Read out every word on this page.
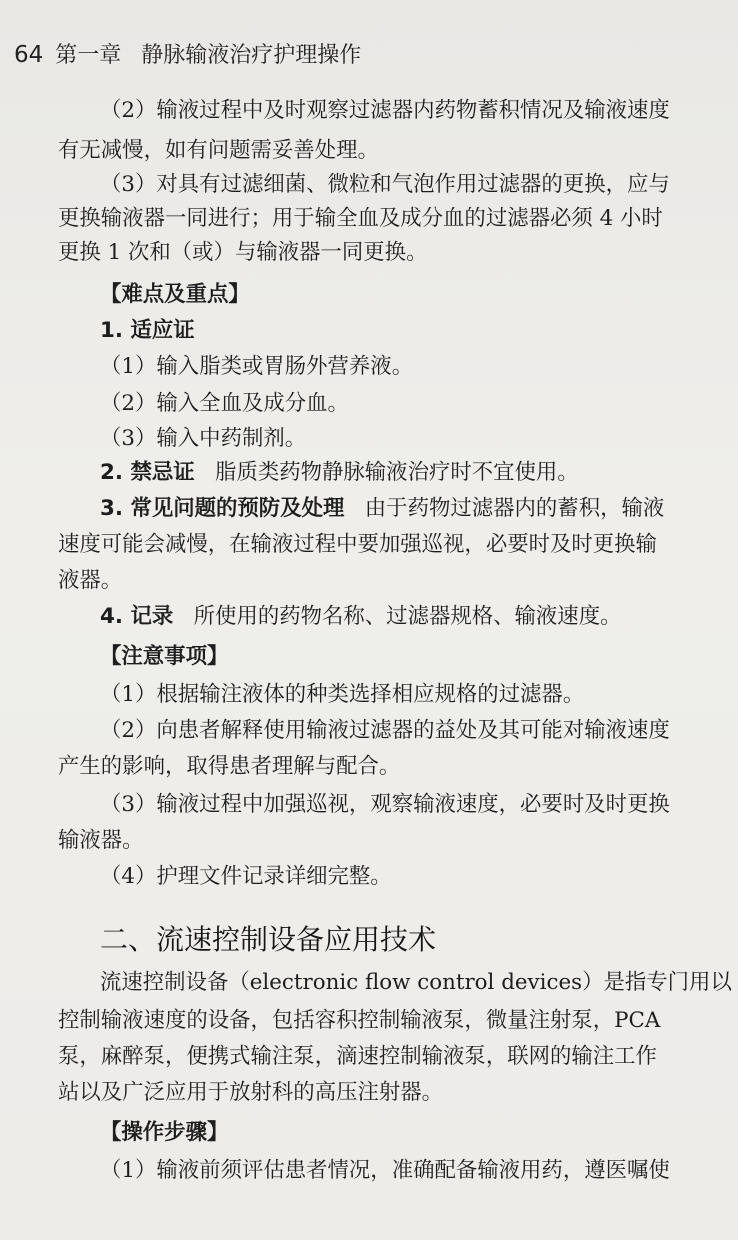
64 第一章 静脉输液治疗护理操作
（2）输液过程中及时观察过滤器内药物蓄积情况及输液速度
有无减慢，如有问题需妥善处理。
（3）对具有过滤细菌、微粒和气泡作用过滤器的更换，应与
更换输液器一同进行；用于输全血及成分血的过滤器必须 4 小时
更换 1 次和（或）与输液器一同更换。
【难点及重点】
1. 适应证
（1）输入脂类或胃肠外营养液。
（2）输入全血及成分血。
（3）输入中药制剂。
2. 禁忌证 脂质类药物静脉输液治疗时不宜使用。
3. 常见问题的预防及处理 由于药物过滤器内的蓄积，输液
速度可能会减慢，在输液过程中要加强巡视，必要时及时更换输
液器。
4. 记录 所使用的药物名称、过滤器规格、输液速度。
【注意事项】
（1）根据输注液体的种类选择相应规格的过滤器。
（2）向患者解释使用输液过滤器的益处及其可能对输液速度
产生的影响，取得患者理解与配合。
（3）输液过程中加强巡视，观察输液速度，必要时及时更换
输液器。
（4）护理文件记录详细完整。
二、流速控制设备应用技术
流速控制设备（electronic flow control devices）是指专门用以
控制输液速度的设备，包括容积控制输液泵，微量注射泵，PCA
泵，麻醉泵，便携式输注泵，滴速控制输液泵，联网的输注工作
站以及广泛应用于放射科的高压注射器。
【操作步骤】
（1）输液前须评估患者情况，准确配备输液用药，遵医嘱使
